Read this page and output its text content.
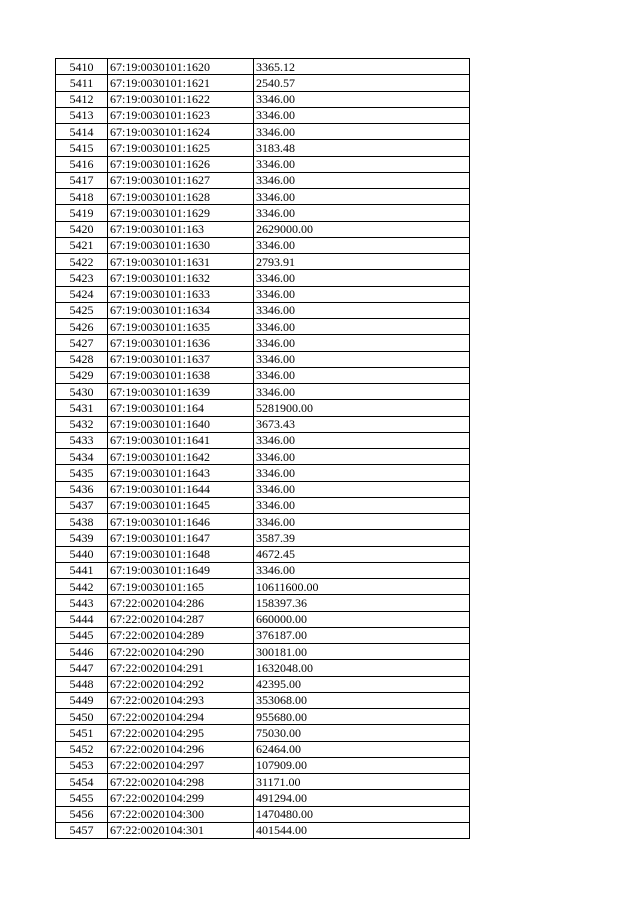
5410	67:19:0030101:1620	3365.12
5411	67:19:0030101:1621	2540.57
5412	67:19:0030101:1622	3346.00
5413	67:19:0030101:1623	3346.00
5414	67:19:0030101:1624	3346.00
5415	67:19:0030101:1625	3183.48
5416	67:19:0030101:1626	3346.00
5417	67:19:0030101:1627	3346.00
5418	67:19:0030101:1628	3346.00
5419	67:19:0030101:1629	3346.00
5420	67:19:0030101:163	2629000.00
5421	67:19:0030101:1630	3346.00
5422	67:19:0030101:1631	2793.91
5423	67:19:0030101:1632	3346.00
5424	67:19:0030101:1633	3346.00
5425	67:19:0030101:1634	3346.00
5426	67:19:0030101:1635	3346.00
5427	67:19:0030101:1636	3346.00
5428	67:19:0030101:1637	3346.00
5429	67:19:0030101:1638	3346.00
5430	67:19:0030101:1639	3346.00
5431	67:19:0030101:164	5281900.00
5432	67:19:0030101:1640	3673.43
5433	67:19:0030101:1641	3346.00
5434	67:19:0030101:1642	3346.00
5435	67:19:0030101:1643	3346.00
5436	67:19:0030101:1644	3346.00
5437	67:19:0030101:1645	3346.00
5438	67:19:0030101:1646	3346.00
5439	67:19:0030101:1647	3587.39
5440	67:19:0030101:1648	4672.45
5441	67:19:0030101:1649	3346.00
5442	67:19:0030101:165	10611600.00
5443	67:22:0020104:286	158397.36
5444	67:22:0020104:287	660000.00
5445	67:22:0020104:289	376187.00
5446	67:22:0020104:290	300181.00
5447	67:22:0020104:291	1632048.00
5448	67:22:0020104:292	42395.00
5449	67:22:0020104:293	353068.00
5450	67:22:0020104:294	955680.00
5451	67:22:0020104:295	75030.00
5452	67:22:0020104:296	62464.00
5453	67:22:0020104:297	107909.00
5454	67:22:0020104:298	31171.00
5455	67:22:0020104:299	491294.00
5456	67:22:0020104:300	1470480.00
5457	67:22:0020104:301	401544.00
